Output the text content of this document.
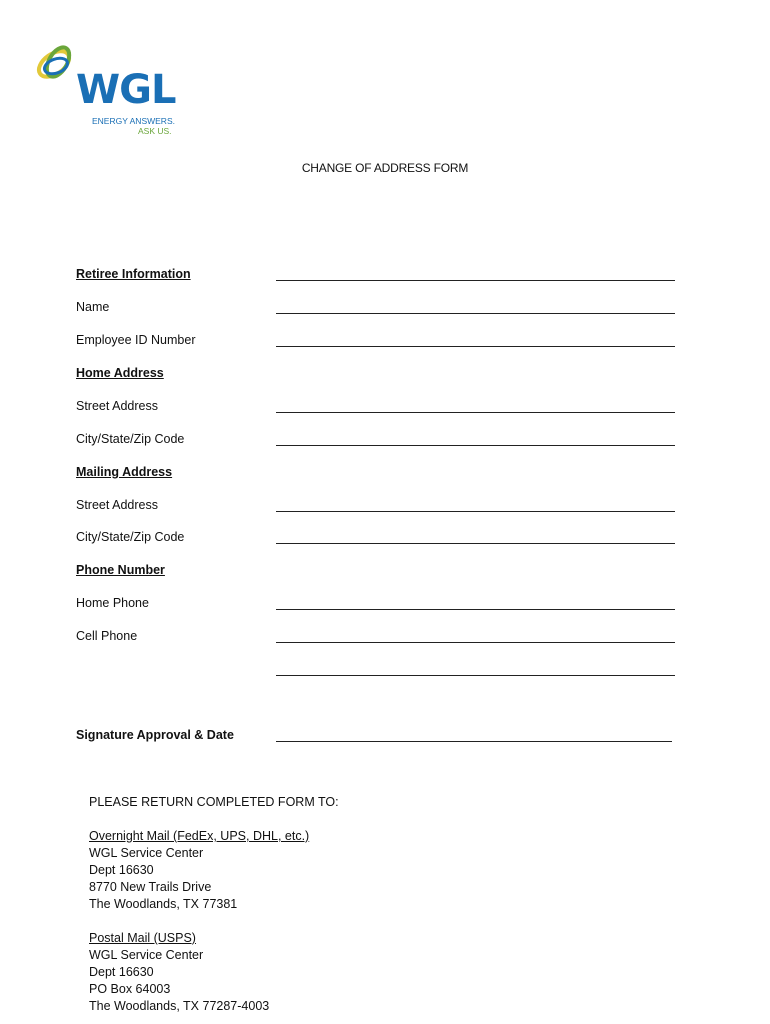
WGL
ENERGY ANSWERS.
ASK US.
CHANGE OF ADDRESS FORM
Retiree Information
Name
Employee ID Number
Home Address
Street Address
City/State/Zip Code
Mailing Address
Street Address
City/State/Zip Code
Phone Number
Home Phone
Cell Phone
Signature Approval & Date
PLEASE RETURN COMPLETED FORM TO:
Overnight Mail (FedEx, UPS, DHL, etc.)
WGL Service Center
Dept 16630
8770 New Trails Drive
The Woodlands, TX 77381
Postal Mail (USPS)
WGL Service Center
Dept 16630
PO Box 64003
The Woodlands, TX 77287-4003
